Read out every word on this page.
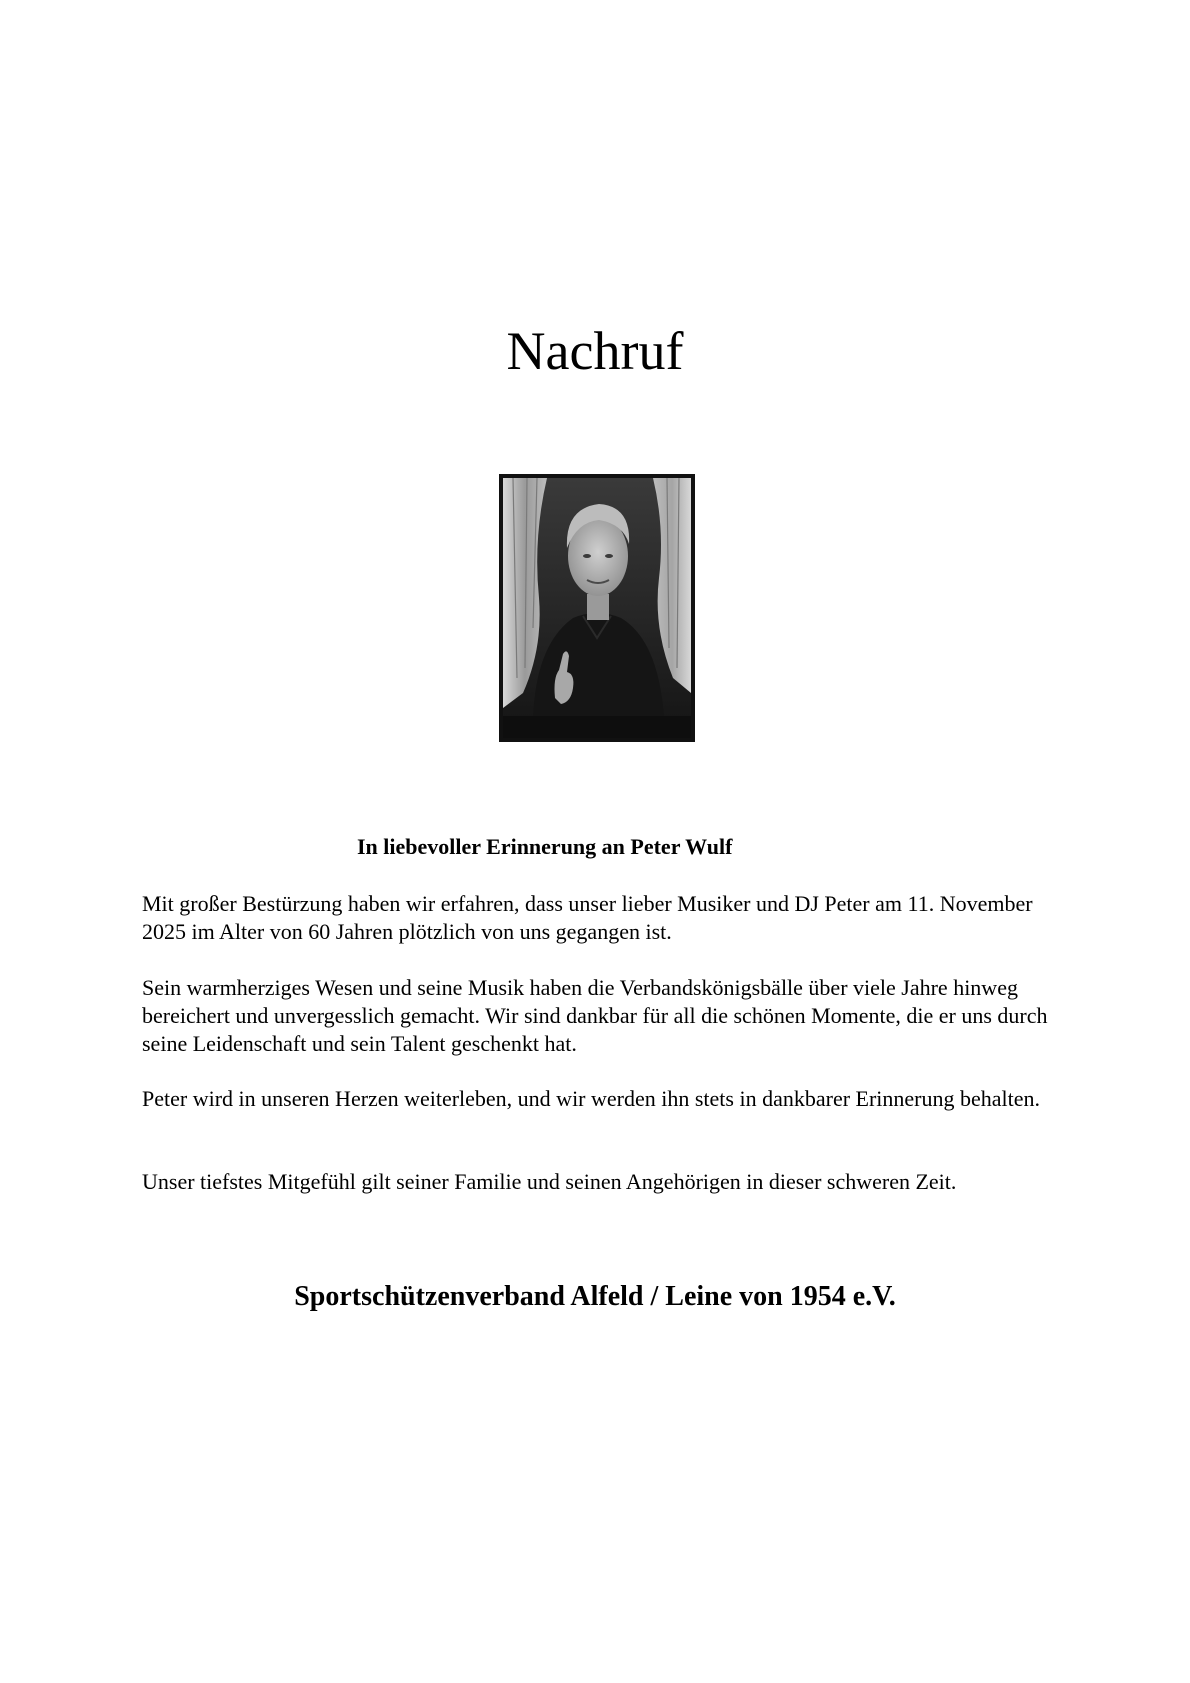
Nachruf

In liebevoller Erinnerung an Peter Wulf

Mit großer Bestürzung haben wir erfahren, dass unser lieber Musiker und DJ Peter am 11. November 2025 im Alter von 60 Jahren plötzlich von uns gegangen ist.

Sein warmherziges Wesen und seine Musik haben die Verbandskönigsbälle über viele Jahre hinweg bereichert und unvergesslich gemacht. Wir sind dankbar für all die schönen Momente, die er uns durch seine Leidenschaft und sein Talent geschenkt hat.

Peter wird in unseren Herzen weiterleben, und wir werden ihn stets in dankbarer Erinnerung behalten.

Unser tiefstes Mitgefühl gilt seiner Familie und seinen Angehörigen in dieser schweren Zeit.

Sportschützenverband Alfeld / Leine von 1954 e.V.
